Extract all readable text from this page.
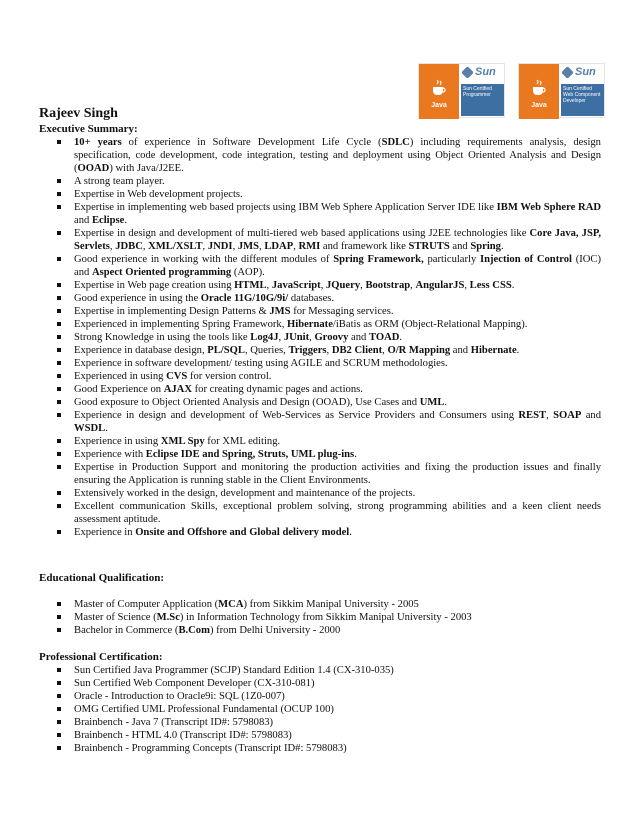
Java
Sun
Sun Certified Programmer
Java
Sun
Sun Certified Web Component Developer
Rajeev Singh
Executive Summary:
10+ years of experience in Software Development Life Cycle (SDLC) including requirements analysis, design specification, code development, code integration, testing and deployment using Object Oriented Analysis and Design (OOAD) with Java/J2EE.
A strong team player.
Expertise in Web development projects.
Expertise in implementing web based projects using IBM Web Sphere Application Server IDE like IBM Web Sphere RAD and Eclipse.
Expertise in design and development of multi-tiered web based applications using J2EE technologies like Core Java, JSP, Servlets, JDBC, XML/XSLT, JNDI, JMS, LDAP, RMI and framework like STRUTS and Spring.
Good experience in working with the different modules of Spring Framework, particularly Injection of Control (IOC) and Aspect Oriented programming (AOP).
Expertise in Web page creation using HTML, JavaScript, JQuery, Bootstrap, AngularJS, Less CSS.
Good experience in using the Oracle 11G/10G/9i/ databases.
Expertise in implementing Design Patterns & JMS for Messaging services.
Experienced in implementing Spring Framework, Hibernate/iBatis as ORM (Object-Relational Mapping).
Strong Knowledge in using the tools like Log4J, JUnit, Groovy and TOAD.
Experience in database design, PL/SQL, Queries, Triggers, DB2 Client, O/R Mapping and Hibernate.
Experience in software development/ testing using AGILE and SCRUM methodologies.
Experienced in using CVS for version control.
Good Experience on AJAX for creating dynamic pages and actions.
Good exposure to Object Oriented Analysis and Design (OOAD), Use Cases and UML.
Experience in design and development of Web-Services as Service Providers and Consumers using REST, SOAP and WSDL.
Experience in using XML Spy for XML editing.
Experience with Eclipse IDE and Spring, Struts, UML plug-ins.
Expertise in Production Support and monitoring the production activities and fixing the production issues and finally ensuring the Application is running stable in the Client Environments.
Extensively worked in the design, development and maintenance of the projects.
Excellent communication Skills, exceptional problem solving, strong programming abilities and a keen client needs assessment aptitude.
Experience in Onsite and Offshore and Global delivery model.
Educational Qualification:
Master of Computer Application (MCA) from Sikkim Manipal University - 2005
Master of Science (M.Sc) in Information Technology from Sikkim Manipal University - 2003
Bachelor in Commerce (B.Com) from Delhi University - 2000
Professional Certification:
Sun Certified Java Programmer (SCJP) Standard Edition 1.4 (CX-310-035)
Sun Certified Web Component Developer (CX-310-081)
Oracle - Introduction to Oracle9i: SQL (1Z0-007)
OMG Certified UML Professional Fundamental (OCUP 100)
Brainbench - Java 7 (Transcript ID#: 5798083)
Brainbench - HTML 4.0 (Transcript ID#: 5798083)
Brainbench - Programming Concepts (Transcript ID#: 5798083)
